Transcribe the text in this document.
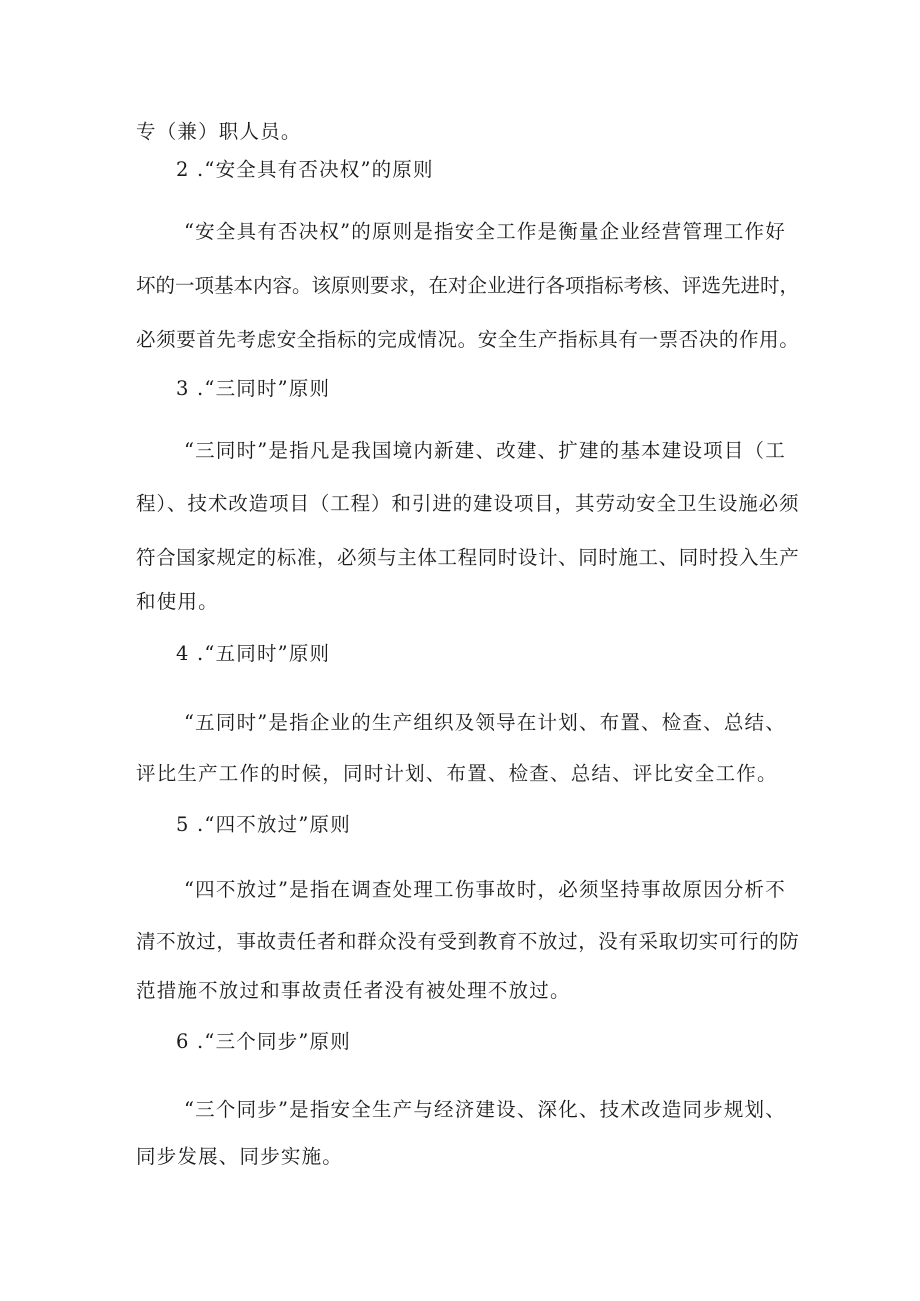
专（兼）职人员。
2 .“安全具有否决权”的原则
“安全具有否决权”的原则是指安全工作是衡量企业经营管理工作好
坏的一项基本内容。该原则要求，在对企业进行各项指标考核、评选先进时，
必须要首先考虑安全指标的完成情况。安全生产指标具有一票否决的作用。
3 .“三同时”原则
“三同时”是指凡是我国境内新建、改建、扩建的基本建设项目（工
程）、技术改造项目（工程）和引进的建设项目，其劳动安全卫生设施必须
符合国家规定的标准，必须与主体工程同时设计、同时施工、同时投入生产
和使用。
4 .“五同时”原则
“五同时”是指企业的生产组织及领导在计划、布置、检查、总结、
评比生产工作的时候，同时计划、布置、检查、总结、评比安全工作。
5 .“四不放过”原则
“四不放过”是指在调查处理工伤事故时，必须坚持事故原因分析不
清不放过，事故责任者和群众没有受到教育不放过，没有采取切实可行的防
范措施不放过和事故责任者没有被处理不放过。
6 .“三个同步”原则
“三个同步”是指安全生产与经济建设、深化、技术改造同步规划、
同步发展、同步实施。
